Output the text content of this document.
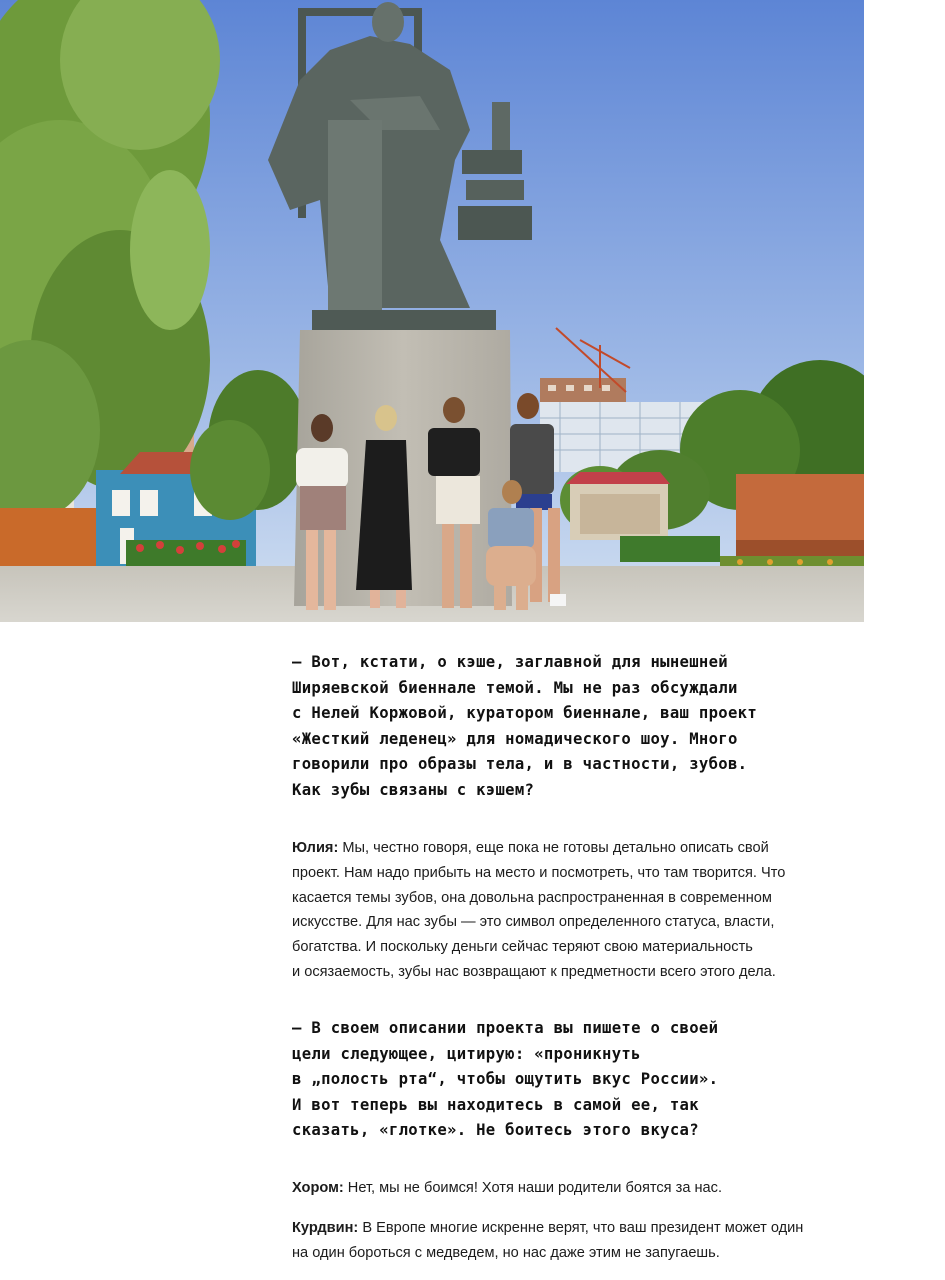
— Вот, кстати, о кэше, заглавной для нынешней
Ширяевской биеннале темой. Мы не раз обсуждали
с Нелей Коржовой, куратором биеннале, ваш проект
«Жесткий леденец» для номадического шоу. Много
говорили про образы тела, и в частности, зубов.
Как зубы связаны с кэшем?

Юлия: Мы, честно говоря, еще пока не готовы детально описать свой
проект. Нам надо прибыть на место и посмотреть, что там творится. Что
касается темы зубов, она довольна распространенная в современном
искусстве. Для нас зубы — это символ определенного статуса, власти,
богатства. И поскольку деньги сейчас теряют свою материальность
и осязаемость, зубы нас возвращают к предметности всего этого дела.

— В своем описании проекта вы пишете о своей
цели следующее, цитирую: «проникнуть
в „полость рта“, чтобы ощутить вкус России».
И вот теперь вы находитесь в самой ее, так
сказать, «глотке». Не боитесь этого вкуса?

Хором: Нет, мы не боимся! Хотя наши родители боятся за нас.

Курдвин: В Европе многие искренне верят, что ваш президент может один
на один бороться с медведем, но нас даже этим не запугаешь.
